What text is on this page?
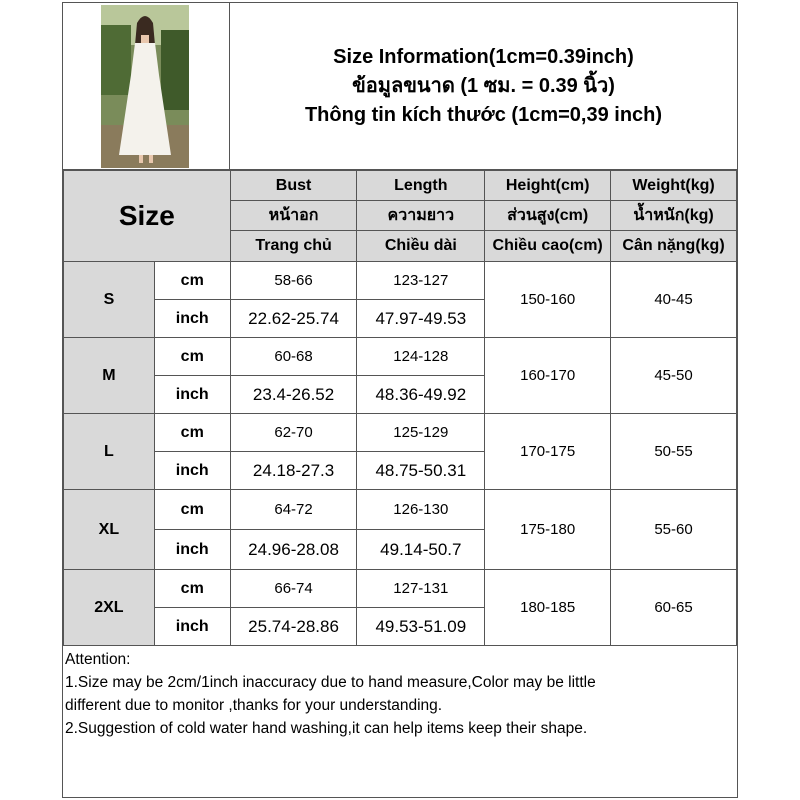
Size Information(1cm=0.39inch)
ข้อมูลขนาด (1 ซม. = 0.39 นิ้ว)
Thông tin kích thước (1cm=0,39 inch)
Size		Bust	Length	Height(cm)	Weight(kg)
		หน้าอก	ความยาว	ส่วนสูง(cm)	น้ำหนัก(kg)
		Trang chủ	Chiều dài	Chiều cao(cm)	Cân nặng(kg)
S	cm	58-66	123-127	150-160	40-45
	inch	22.62-25.74	47.97-49.53		
M	cm	60-68	124-128	160-170	45-50
	inch	23.4-26.52	48.36-49.92		
L	cm	62-70	125-129	170-175	50-55
	inch	24.18-27.3	48.75-50.31		
XL	cm	64-72	126-130	175-180	55-60
	inch	24.96-28.08	49.14-50.7		
2XL	cm	66-74	127-131	180-185	60-65
	inch	25.74-28.86	49.53-51.09		
Attention:
1.Size may be 2cm/1inch inaccuracy due to hand measure,Color may be little
different due to monitor ,thanks for your understanding.
2.Suggestion of cold water hand washing,it can help items keep their shape.
